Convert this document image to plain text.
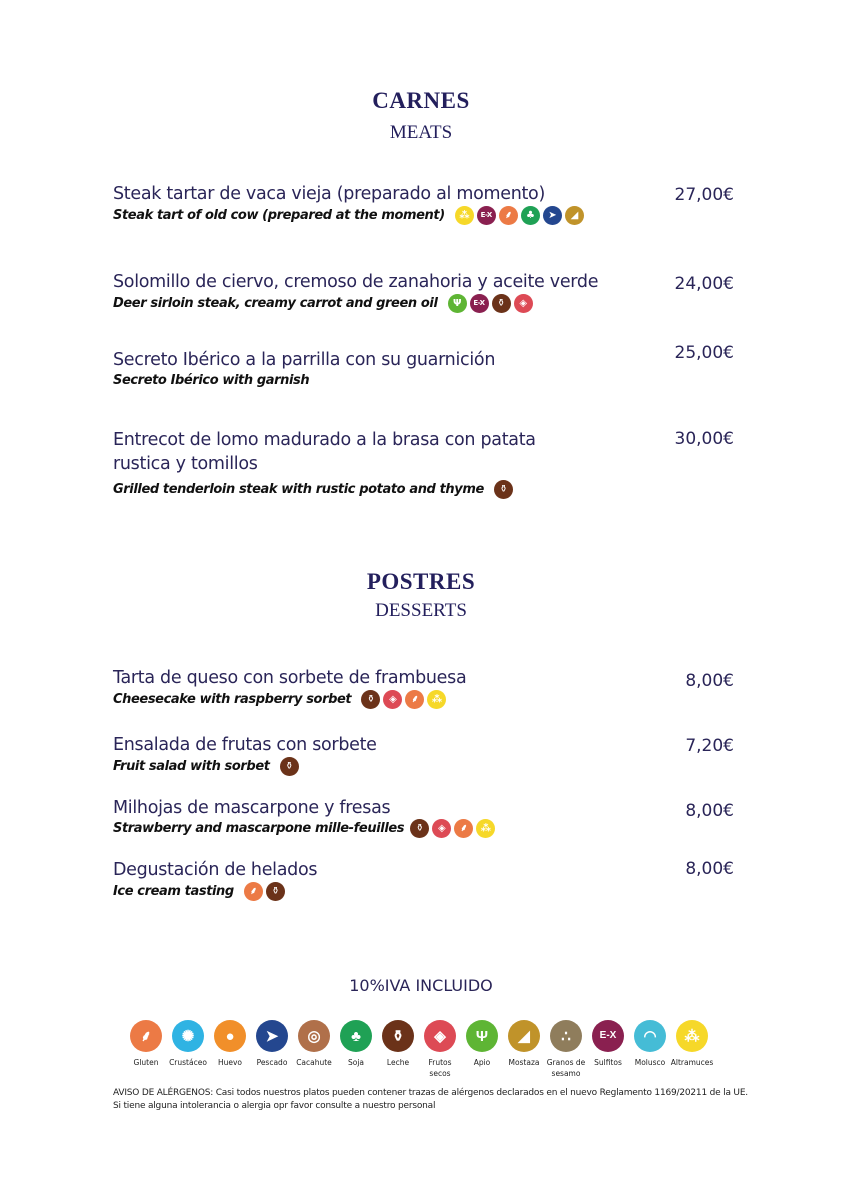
CARNES
MEATS
Steak tartar de vaca vieja (preparado al momento)
Steak tart of old cow (prepared at the moment)	⁂	E-X	⸙	♣	➤	◢
27,00€
Solomillo de ciervo, cremoso de zanahoria y aceite verde
Deer sirloin steak, creamy carrot and green oil	Ψ	E-X	⚱	◈
24,00€
Secreto Ibérico a la parrilla con su guarnición
Secreto Ibérico with garnish
25,00€
Entrecot de lomo madurado a la brasa con patata rustica y tomillos
Grilled tenderloin steak with rustic potato and thyme	⚱
30,00€
POSTRES
DESSERTS
Tarta de queso con sorbete de frambuesa
Cheesecake with raspberry sorbet	⚱	◈	⸙	⁂
8,00€
Ensalada de frutas con sorbete
Fruit salad with sorbet	⚱
7,20€
Milhojas de mascarpone y fresas
Strawberry and mascarpone mille-feuilles	⚱	◈	⸙	⁂
8,00€
Degustación de helados
Ice cream tasting	⸙	⚱
8,00€
10%IVA INCLUIDO
⸙
Gluten
✺
Crustáceo
●
Huevo
➤
Pescado
◎
Cacahute
♣
Soja
⚱
Leche
◈
Frutos secos
Ψ
Apio
◢
Mostaza
∴
Granos de sesamo
E-X
Sulfitos
◠
Molusco
⁂
Altramuces
AVISO DE ALÉRGENOS: Casi todos nuestros platos pueden contener trazas de alérgenos declarados en el nuevo Reglamento 1169/20211 de la UE.
Si tiene alguna intolerancia o alergia opr favor consulte a nuestro personal
